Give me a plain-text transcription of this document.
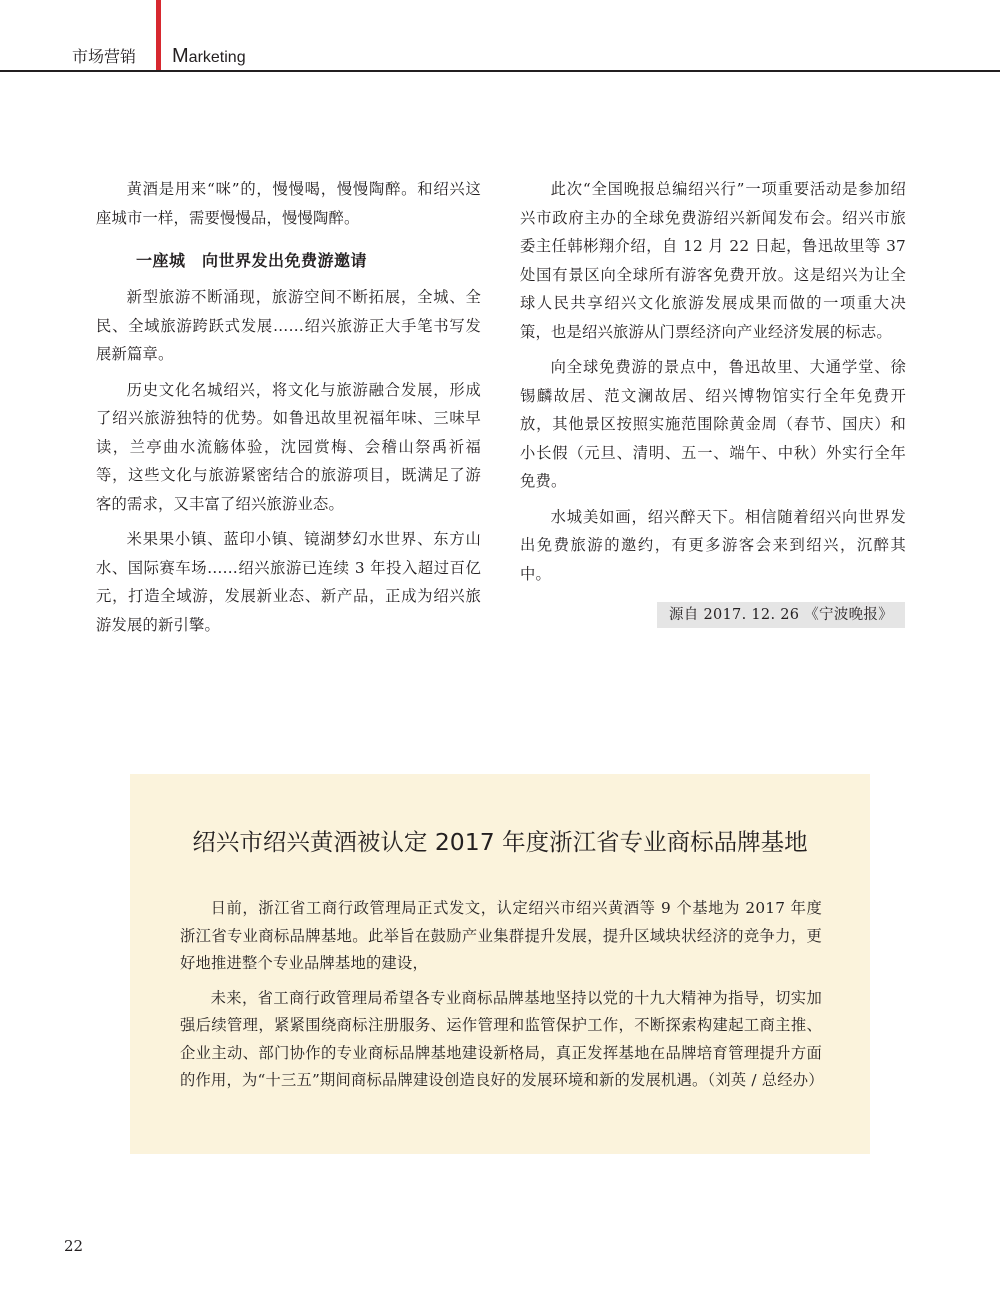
市场营销 Marketing

黄酒是用来“咪”的，慢慢喝，慢慢陶醉。和绍兴这座城市一样，需要慢慢品，慢慢陶醉。

一座城　向世界发出免费游邀请

新型旅游不断涌现，旅游空间不断拓展，全城、全民、全域旅游跨跃式发展……绍兴旅游正大手笔书写发展新篇章。

历史文化名城绍兴，将文化与旅游融合发展，形成了绍兴旅游独特的优势。如鲁迅故里祝福年味、三味早读，兰亭曲水流觞体验，沈园赏梅、会稽山祭禹祈福等，这些文化与旅游紧密结合的旅游项目，既满足了游客的需求，又丰富了绍兴旅游业态。

米果果小镇、蓝印小镇、镜湖梦幻水世界、东方山水、国际赛车场……绍兴旅游已连续 3 年投入超过百亿元，打造全域游，发展新业态、新产品，正成为绍兴旅游发展的新引擎。

此次“全国晚报总编绍兴行”一项重要活动是参加绍兴市政府主办的全球免费游绍兴新闻发布会。绍兴市旅委主任韩彬翔介绍，自 12 月 22 日起，鲁迅故里等 37 处国有景区向全球所有游客免费开放。这是绍兴为让全球人民共享绍兴文化旅游发展成果而做的一项重大决策，也是绍兴旅游从门票经济向产业经济发展的标志。

向全球免费游的景点中，鲁迅故里、大通学堂、徐锡麟故居、范文澜故居、绍兴博物馆实行全年免费开放，其他景区按照实施范围除黄金周（春节、国庆）和小长假（元旦、清明、五一、端午、中秋）外实行全年免费。

水城美如画，绍兴醉天下。相信随着绍兴向世界发出免费旅游的邀约，有更多游客会来到绍兴，沉醉其中。

源自 2017. 12. 26 《宁波晚报》
绍兴市绍兴黄酒被认定 2017 年度浙江省专业商标品牌基地

日前，浙江省工商行政管理局正式发文，认定绍兴市绍兴黄酒等 9 个基地为 2017 年度浙江省专业商标品牌基地。此举旨在鼓励产业集群提升发展，提升区域块状经济的竞争力，更好地推进整个专业品牌基地的建设，

未来，省工商行政管理局希望各专业商标品牌基地坚持以党的十九大精神为指导，切实加强后续管理，紧紧围绕商标注册服务、运作管理和监管保护工作，不断探索构建起工商主推、企业主动、部门协作的专业商标品牌基地建设新格局，真正发挥基地在品牌培育管理提升方面的作用，为“十三五”期间商标品牌建设创造良好的发展环境和新的发展机遇。（刘英 / 总经办）

22
